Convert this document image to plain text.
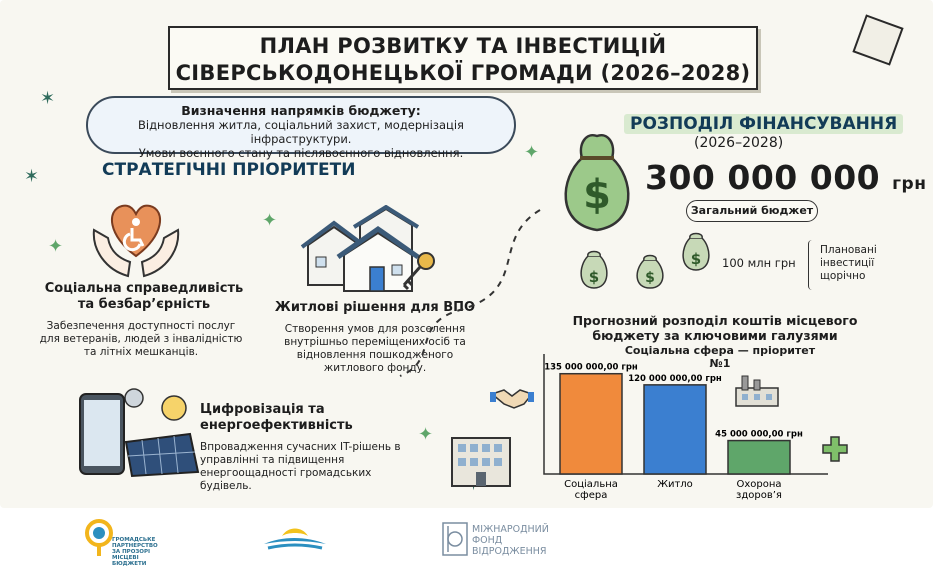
ПЛАН РОЗВИТКУ ТА ІНВЕСТИЦІЙ
СІВЕРСЬКОДОНЕЦЬКОЇ ГРОМАДИ (2026–2028)
Визначення напрямків бюджету:
Відновлення житла, соціальний захист, модернізація інфраструктури.
Умови воєнного стану та післявоєнного відновлення.
✶
✶
✦
✦
✦
✦
СТРАТЕГІЧНІ ПРІОРИТЕТИ
Соціальна справедливість та безбар’єрність
Забезпечення доступності послуг для ветеранів, людей з інвалідністю та літніх мешканців.
Житлові рішення для ВПО
Створення умов для розселення внутрішньо переміщених осіб та відновлення пошкодженого житлового фонду.
Цифровізація та енергоефективність
Впровадження сучасних IT-рішень в управлінні та підвищення енергоощадності громадських будівель.
$
РОЗПОДІЛ ФІНАНСУВАННЯ
(2026–2028)
300 000 000 грн
Загальний бюджет
$	$
$ 100 млн грн
Плановані інвестиції щорічно
Прогнозний розподіл коштів місцевого бюджету за ключовими галузями
Соціальна сфера — пріоритет №1
135 000 000,00 грн
Соціальна
сфера
120 000 000,00 грн
Житло
45 000 000,00 грн
Охорона
здоров’я
ГРОМАДСЬКЕ ПАРТНЕРСТВО ЗА ПРОЗОРІ МІСЦЕВІ БЮДЖЕТИ
МІЖНАРОДНИЙ
ФОНД
ВІДРОДЖЕННЯ
